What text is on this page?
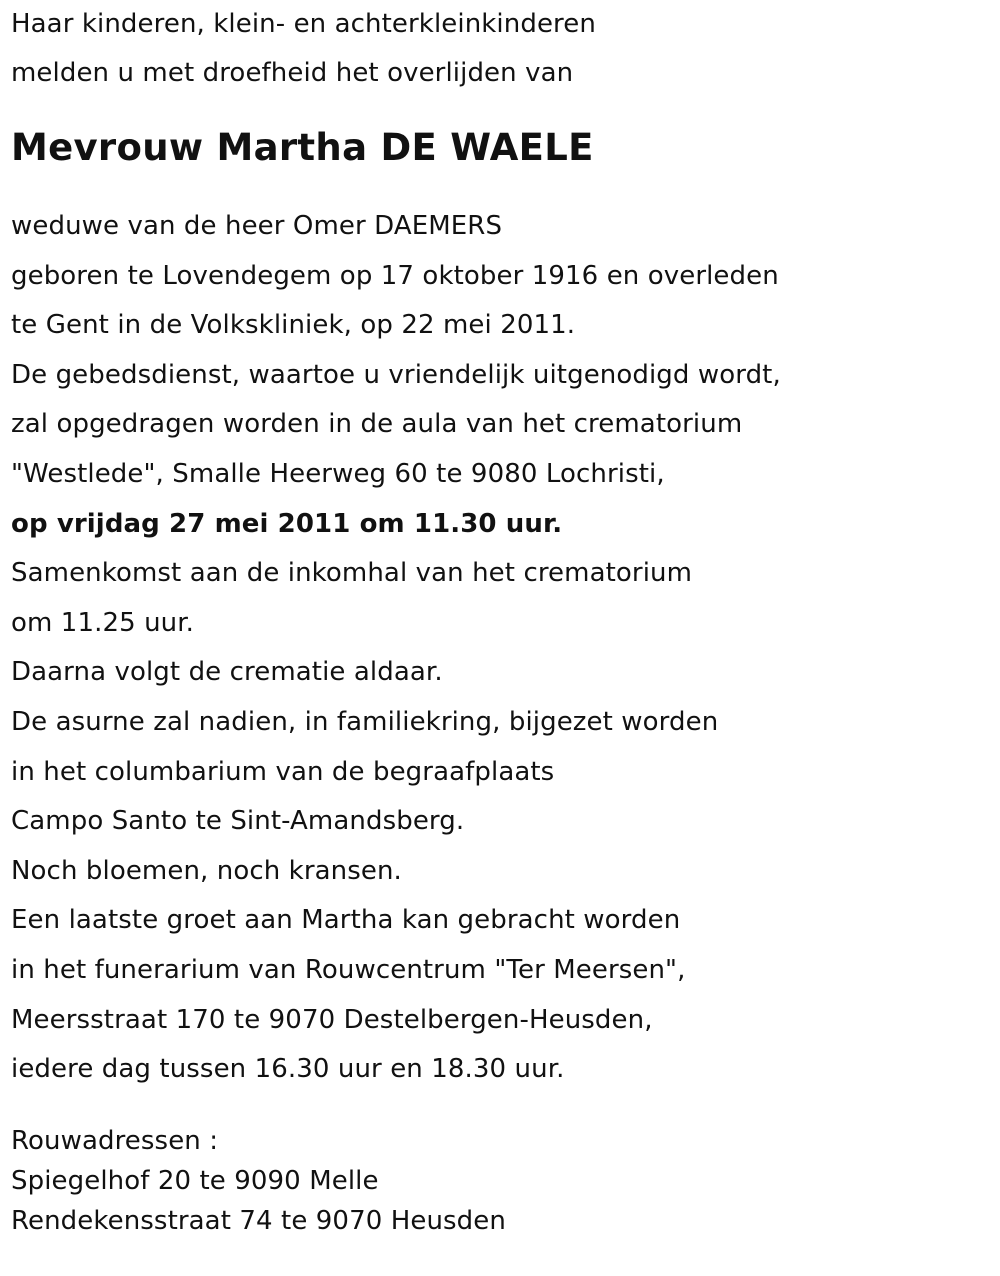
Haar kinderen, klein- en achterkleinkinderen
melden u met droefheid het overlijden van
Mevrouw Martha DE WAELE
weduwe van de heer Omer DAEMERS
geboren te Lovendegem op 17 oktober 1916 en overleden
te Gent in de Volkskliniek, op 22 mei 2011.
De gebedsdienst, waartoe u vriendelijk uitgenodigd wordt,
zal opgedragen worden in de aula van het crematorium
"Westlede", Smalle Heerweg 60 te 9080 Lochristi,
op vrijdag 27 mei 2011 om 11.30 uur.
Samenkomst aan de inkomhal van het crematorium
om 11.25 uur.
Daarna volgt de crematie aldaar.
De asurne zal nadien, in familiekring, bijgezet worden
in het columbarium van de begraafplaats
Campo Santo te Sint-Amandsberg.
Noch bloemen, noch kransen.
Een laatste groet aan Martha kan gebracht worden
in het funerarium van Rouwcentrum "Ter Meersen",
Meersstraat 170 te 9070 Destelbergen-Heusden,
iedere dag tussen 16.30 uur en 18.30 uur.
Rouwadressen :
Spiegelhof 20 te 9090 Melle
Rendekensstraat 74 te 9070 Heusden
